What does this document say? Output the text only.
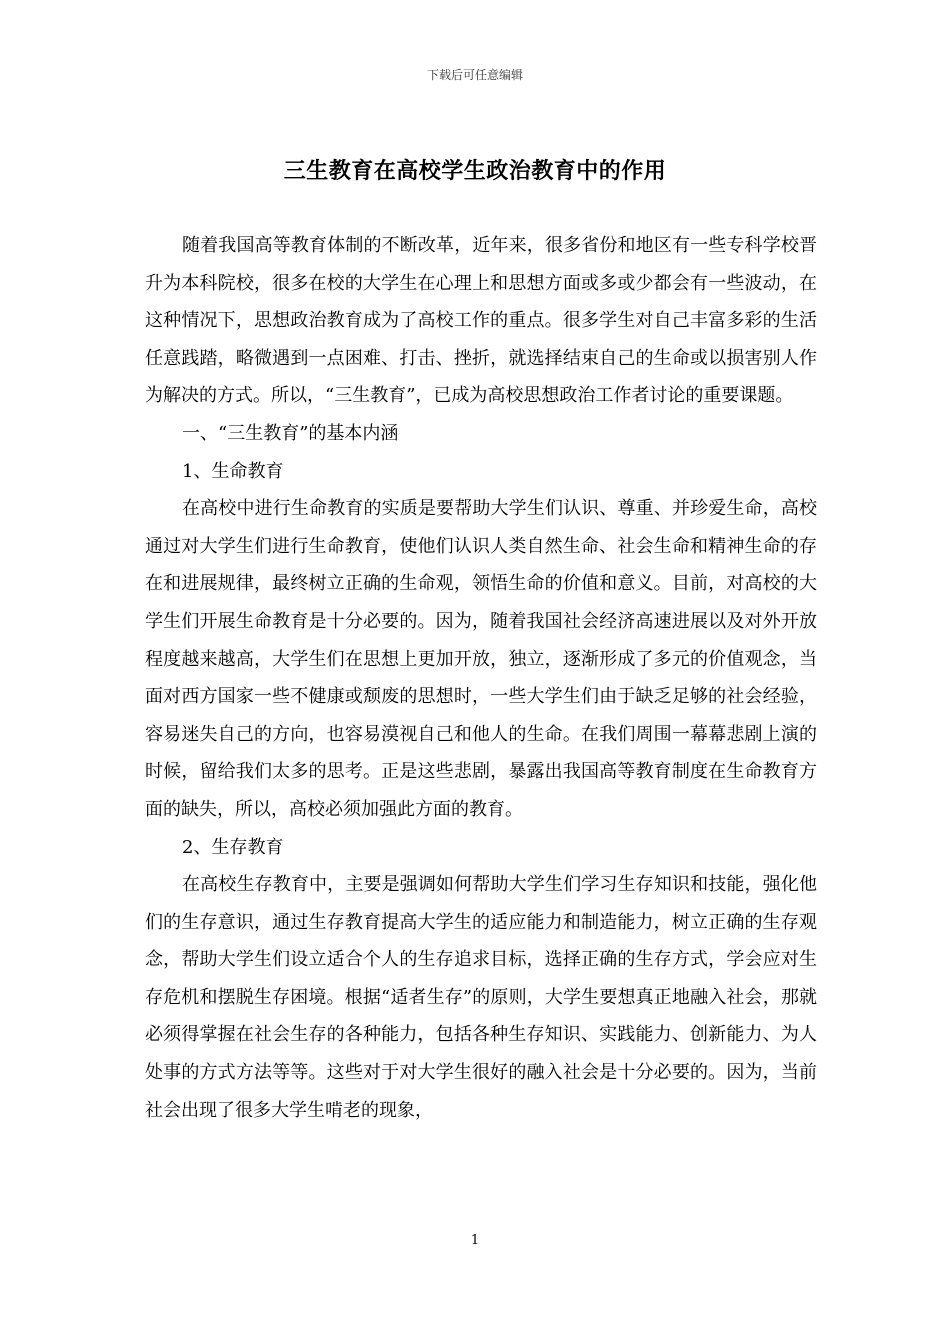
下载后可任意编辑
三生教育在高校学生政治教育中的作用

随着我国高等教育体制的不断改革，近年来，很多省份和地区有一些专科学校晋升为本科院校，很多在校的大学生在心理上和思想方面或多或少都会有一些波动，在这种情况下，思想政治教育成为了高校工作的重点。很多学生对自己丰富多彩的生活任意践踏，略微遇到一点困难、打击、挫折，就选择结束自己的生命或以损害别人作为解决的方式。所以，“三生教育”，已成为高校思想政治工作者讨论的重要课题。

一、“三生教育”的基本内涵

1、生命教育

在高校中进行生命教育的实质是要帮助大学生们认识、尊重、并珍爱生命，高校通过对大学生们进行生命教育，使他们认识人类自然生命、社会生命和精神生命的存在和进展规律，最终树立正确的生命观，领悟生命的价值和意义。目前，对高校的大学生们开展生命教育是十分必要的。因为，随着我国社会经济高速进展以及对外开放程度越来越高，大学生们在思想上更加开放，独立，逐渐形成了多元的价值观念，当面对西方国家一些不健康或颓废的思想时，一些大学生们由于缺乏足够的社会经验，容易迷失自己的方向，也容易漠视自己和他人的生命。在我们周围一幕幕悲剧上演的时候，留给我们太多的思考。正是这些悲剧，暴露出我国高等教育制度在生命教育方面的缺失，所以，高校必须加强此方面的教育。

2、生存教育

在高校生存教育中，主要是强调如何帮助大学生们学习生存知识和技能，强化他们的生存意识，通过生存教育提高大学生的适应能力和制造能力，树立正确的生存观念，帮助大学生们设立适合个人的生存追求目标，选择正确的生存方式，学会应对生存危机和摆脱生存困境。根据“适者生存”的原则，大学生要想真正地融入社会，那就必须得掌握在社会生存的各种能力，包括各种生存知识、实践能力、创新能力、为人处事的方式方法等等。这些对于对大学生很好的融入社会是十分必要的。因为，当前社会出现了很多大学生啃老的现象，

1
